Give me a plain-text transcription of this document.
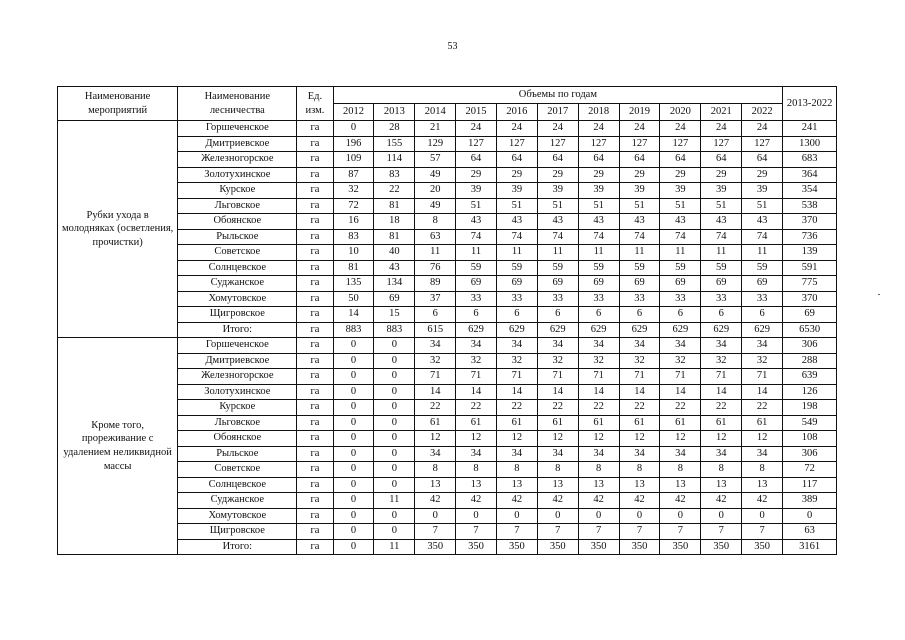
53
Наименование мероприятий	Наименование лесничества	Ед. изм.	Объемы по годам											2013-2022
			2012	2013	2014	2015	2016	2017	2018	2019	2020	2021	2022	
Рубки ухода в молодняках (осветления, прочистки)	Горшеченское	га	0	28	21	24	24	24	24	24	24	24	24	241
	Дмитриевское	га	196	155	129	127	127	127	127	127	127	127	127	1300
	Железногорское	га	109	114	57	64	64	64	64	64	64	64	64	683
	Золотухинское	га	87	83	49	29	29	29	29	29	29	29	29	364
	Курское	га	32	22	20	39	39	39	39	39	39	39	39	354
	Льговское	га	72	81	49	51	51	51	51	51	51	51	51	538
	Обоянское	га	16	18	8	43	43	43	43	43	43	43	43	370
	Рыльское	га	83	81	63	74	74	74	74	74	74	74	74	736
	Советское	га	10	40	11	11	11	11	11	11	11	11	11	139
	Солнцевское	га	81	43	76	59	59	59	59	59	59	59	59	591
	Суджанское	га	135	134	89	69	69	69	69	69	69	69	69	775
	Хомутовское	га	50	69	37	33	33	33	33	33	33	33	33	370
	Щигровское	га	14	15	6	6	6	6	6	6	6	6	6	69
	Итого:	га	883	883	615	629	629	629	629	629	629	629	629	6530
Кроме того, прореживание с удалением неликвидной массы	Горшеченское	га	0	0	34	34	34	34	34	34	34	34	34	306
	Дмитриевское	га	0	0	32	32	32	32	32	32	32	32	32	288
	Железногорское	га	0	0	71	71	71	71	71	71	71	71	71	639
	Золотухинское	га	0	0	14	14	14	14	14	14	14	14	14	126
	Курское	га	0	0	22	22	22	22	22	22	22	22	22	198
	Льговское	га	0	0	61	61	61	61	61	61	61	61	61	549
	Обоянское	га	0	0	12	12	12	12	12	12	12	12	12	108
	Рыльское	га	0	0	34	34	34	34	34	34	34	34	34	306
	Советское	га	0	0	8	8	8	8	8	8	8	8	8	72
	Солнцевское	га	0	0	13	13	13	13	13	13	13	13	13	117
	Суджанское	га	0	11	42	42	42	42	42	42	42	42	42	389
	Хомутовское	га	0	0	0	0	0	0	0	0	0	0	0	0
	Щигровское	га	0	0	7	7	7	7	7	7	7	7	7	63
	Итого:	га	0	11	350	350	350	350	350	350	350	350	350	3161
